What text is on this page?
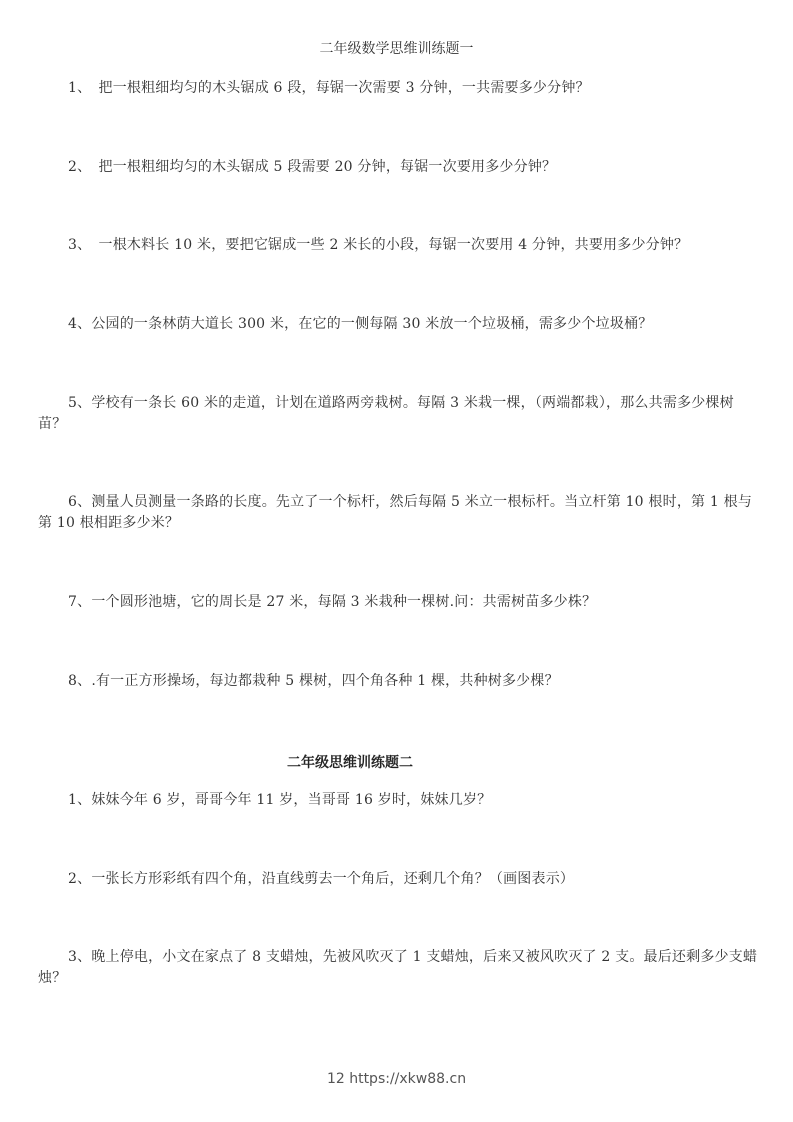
二年级数学思维训练题一
1、　把一根粗细均匀的木头锯成 6 段，每锯一次需要 3 分钟，一共需要多少分钟？
2、　把一根粗细均匀的木头锯成 5 段需要 20 分钟，每锯一次要用多少分钟？
3、　一根木料长 10 米，要把它锯成一些 2 米长的小段，每锯一次要用 4 分钟，共要用多少分钟？
4、公园的一条林荫大道长 300 米，在它的一侧每隔 30 米放一个垃圾桶，需多少个垃圾桶？
5、学校有一条长 60 米的走道，计划在道路两旁栽树。每隔 3 米栽一棵，（两端都栽），那么共需多少棵树苗？
6、测量人员测量一条路的长度。先立了一个标杆，然后每隔 5 米立一根标杆。当立杆第 10 根时，第 1 根与第 10 根相距多少米？
7、一个圆形池塘，它的周长是 27 米，每隔 3 米栽种一棵树.问：共需树苗多少株？
8、.有一正方形操场，每边都栽种 5 棵树，四个角各种 1 棵，共种树多少棵？
二年级思维训练题二
1、妹妹今年 6 岁，哥哥今年 11 岁，当哥哥 16 岁时，妹妹几岁？
2、一张长方形彩纸有四个角，沿直线剪去一个角后，还剩几个角？（画图表示）
3、晚上停电，小文在家点了 8 支蜡烛，先被风吹灭了 1 支蜡烛，后来又被风吹灭了 2 支。最后还剩多少支蜡烛？
12 https://xkw88.cn
